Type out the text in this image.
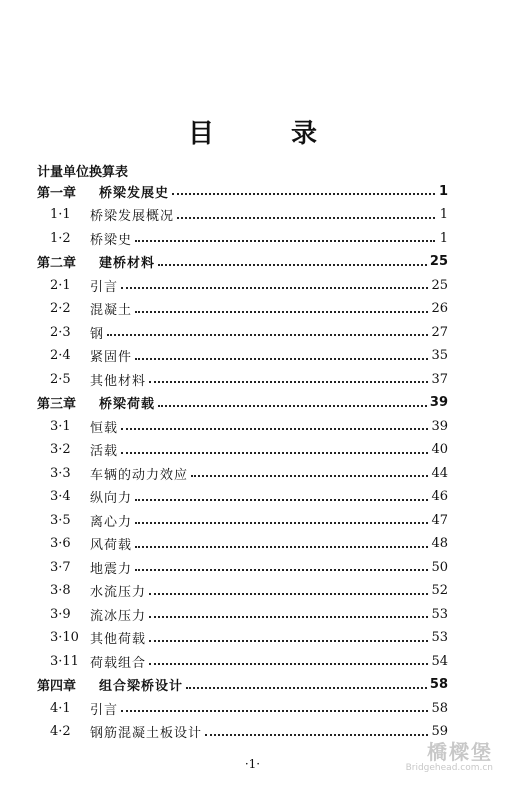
目 录
计量单位换算表
第一章	桥梁发展史	1
1·1	桥梁发展概况	1
1·2	桥梁史	1
第二章	建桥材料	25
2·1	引言	25
2·2	混凝土	26
2·3	钢	27
2·4	紧固件	35
2·5	其他材料	37
第三章	桥梁荷载	39
3·1	恒载	39
3·2	活载	40
3·3	车辆的动力效应	44
3·4	纵向力	46
3·5	离心力	47
3·6	风荷载	48
3·7	地震力	50
3·8	水流压力	52
3·9	流冰压力	53
3·10 其他荷载	53
3·11 荷载组合	54
第四章	组合梁桥设计	58
4·1	引言	58
4·2	钢筋混凝土板设计	59
·1·	橋樑堡
Bridgehead.com.cn
